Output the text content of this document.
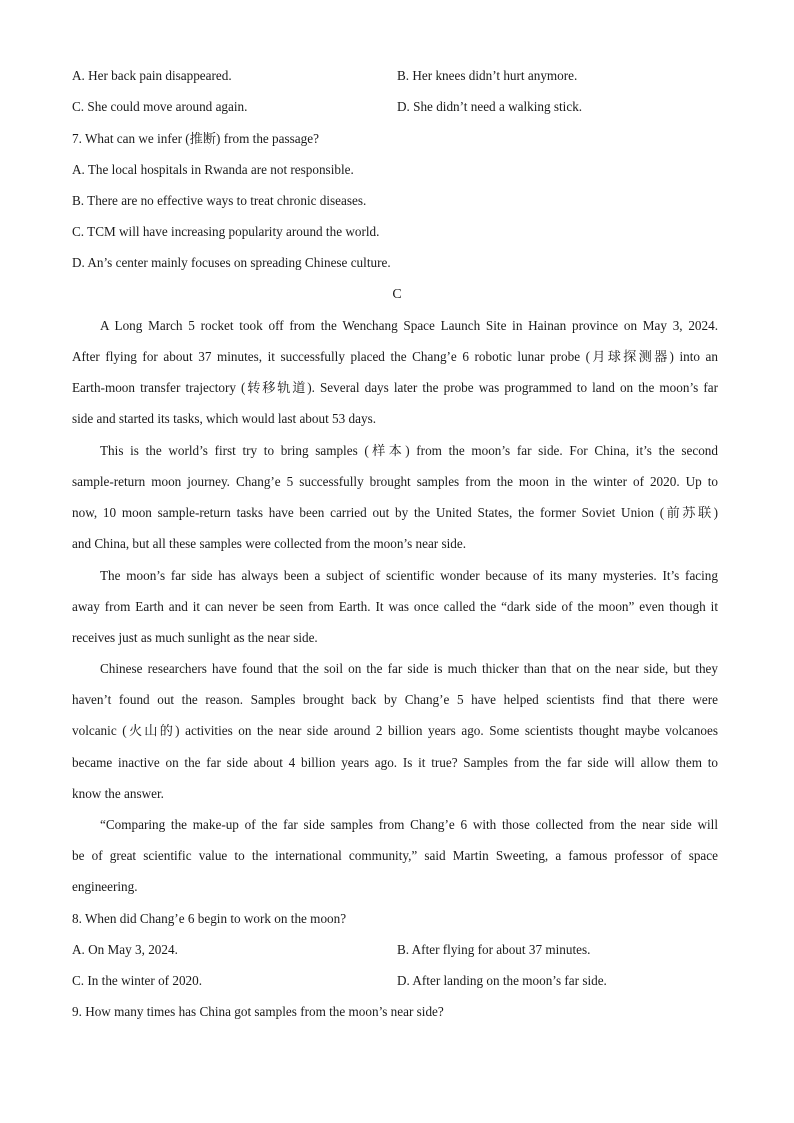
A. Her back pain disappeared.	B. Her knees didn’t hurt anymore.
C. She could move around again.	D. She didn’t need a walking stick.
7. What can we infer (推断) from the passage?
A. The local hospitals in Rwanda are not responsible.
B. There are no effective ways to treat chronic diseases.
C. TCM will have increasing popularity around the world.
D. An’s center mainly focuses on spreading Chinese culture.
C
A Long March 5 rocket took off from the Wenchang Space Launch Site in Hainan province on May 3, 2024.
After flying for about 37 minutes, it successfully placed the Chang’e 6 robotic lunar probe (月球探测器) into an
Earth-moon transfer trajectory (转移轨道). Several days later the probe was programmed to land on the moon’s far
side and started its tasks, which would last about 53 days.
This is the world’s first try to bring samples (样本) from the moon’s far side. For China, it’s the second
sample-return moon journey. Chang’e 5 successfully brought samples from the moon in the winter of 2020. Up to
now, 10 moon sample-return tasks have been carried out by the United States, the former Soviet Union (前苏联)
and China, but all these samples were collected from the moon’s near side.
The moon’s far side has always been a subject of scientific wonder because of its many mysteries. It’s facing
away from Earth and it can never be seen from Earth. It was once called the “dark side of the moon” even though it
receives just as much sunlight as the near side.
Chinese researchers have found that the soil on the far side is much thicker than that on the near side, but they
haven’t found out the reason. Samples brought back by Chang’e 5 have helped scientists find that there were
volcanic (火山的) activities on the near side around 2 billion years ago. Some scientists thought maybe volcanoes
became inactive on the far side about 4 billion years ago. Is it true? Samples from the far side will allow them to
know the answer.
“Comparing the make-up of the far side samples from Chang’e 6 with those collected from the near side will
be of great scientific value to the international community,” said Martin Sweeting, a famous professor of space
engineering.
8. When did Chang’e 6 begin to work on the moon?
A. On May 3, 2024.	B. After flying for about 37 minutes.
C. In the winter of 2020.	D. After landing on the moon’s far side.
9. How many times has China got samples from the moon’s near side?
